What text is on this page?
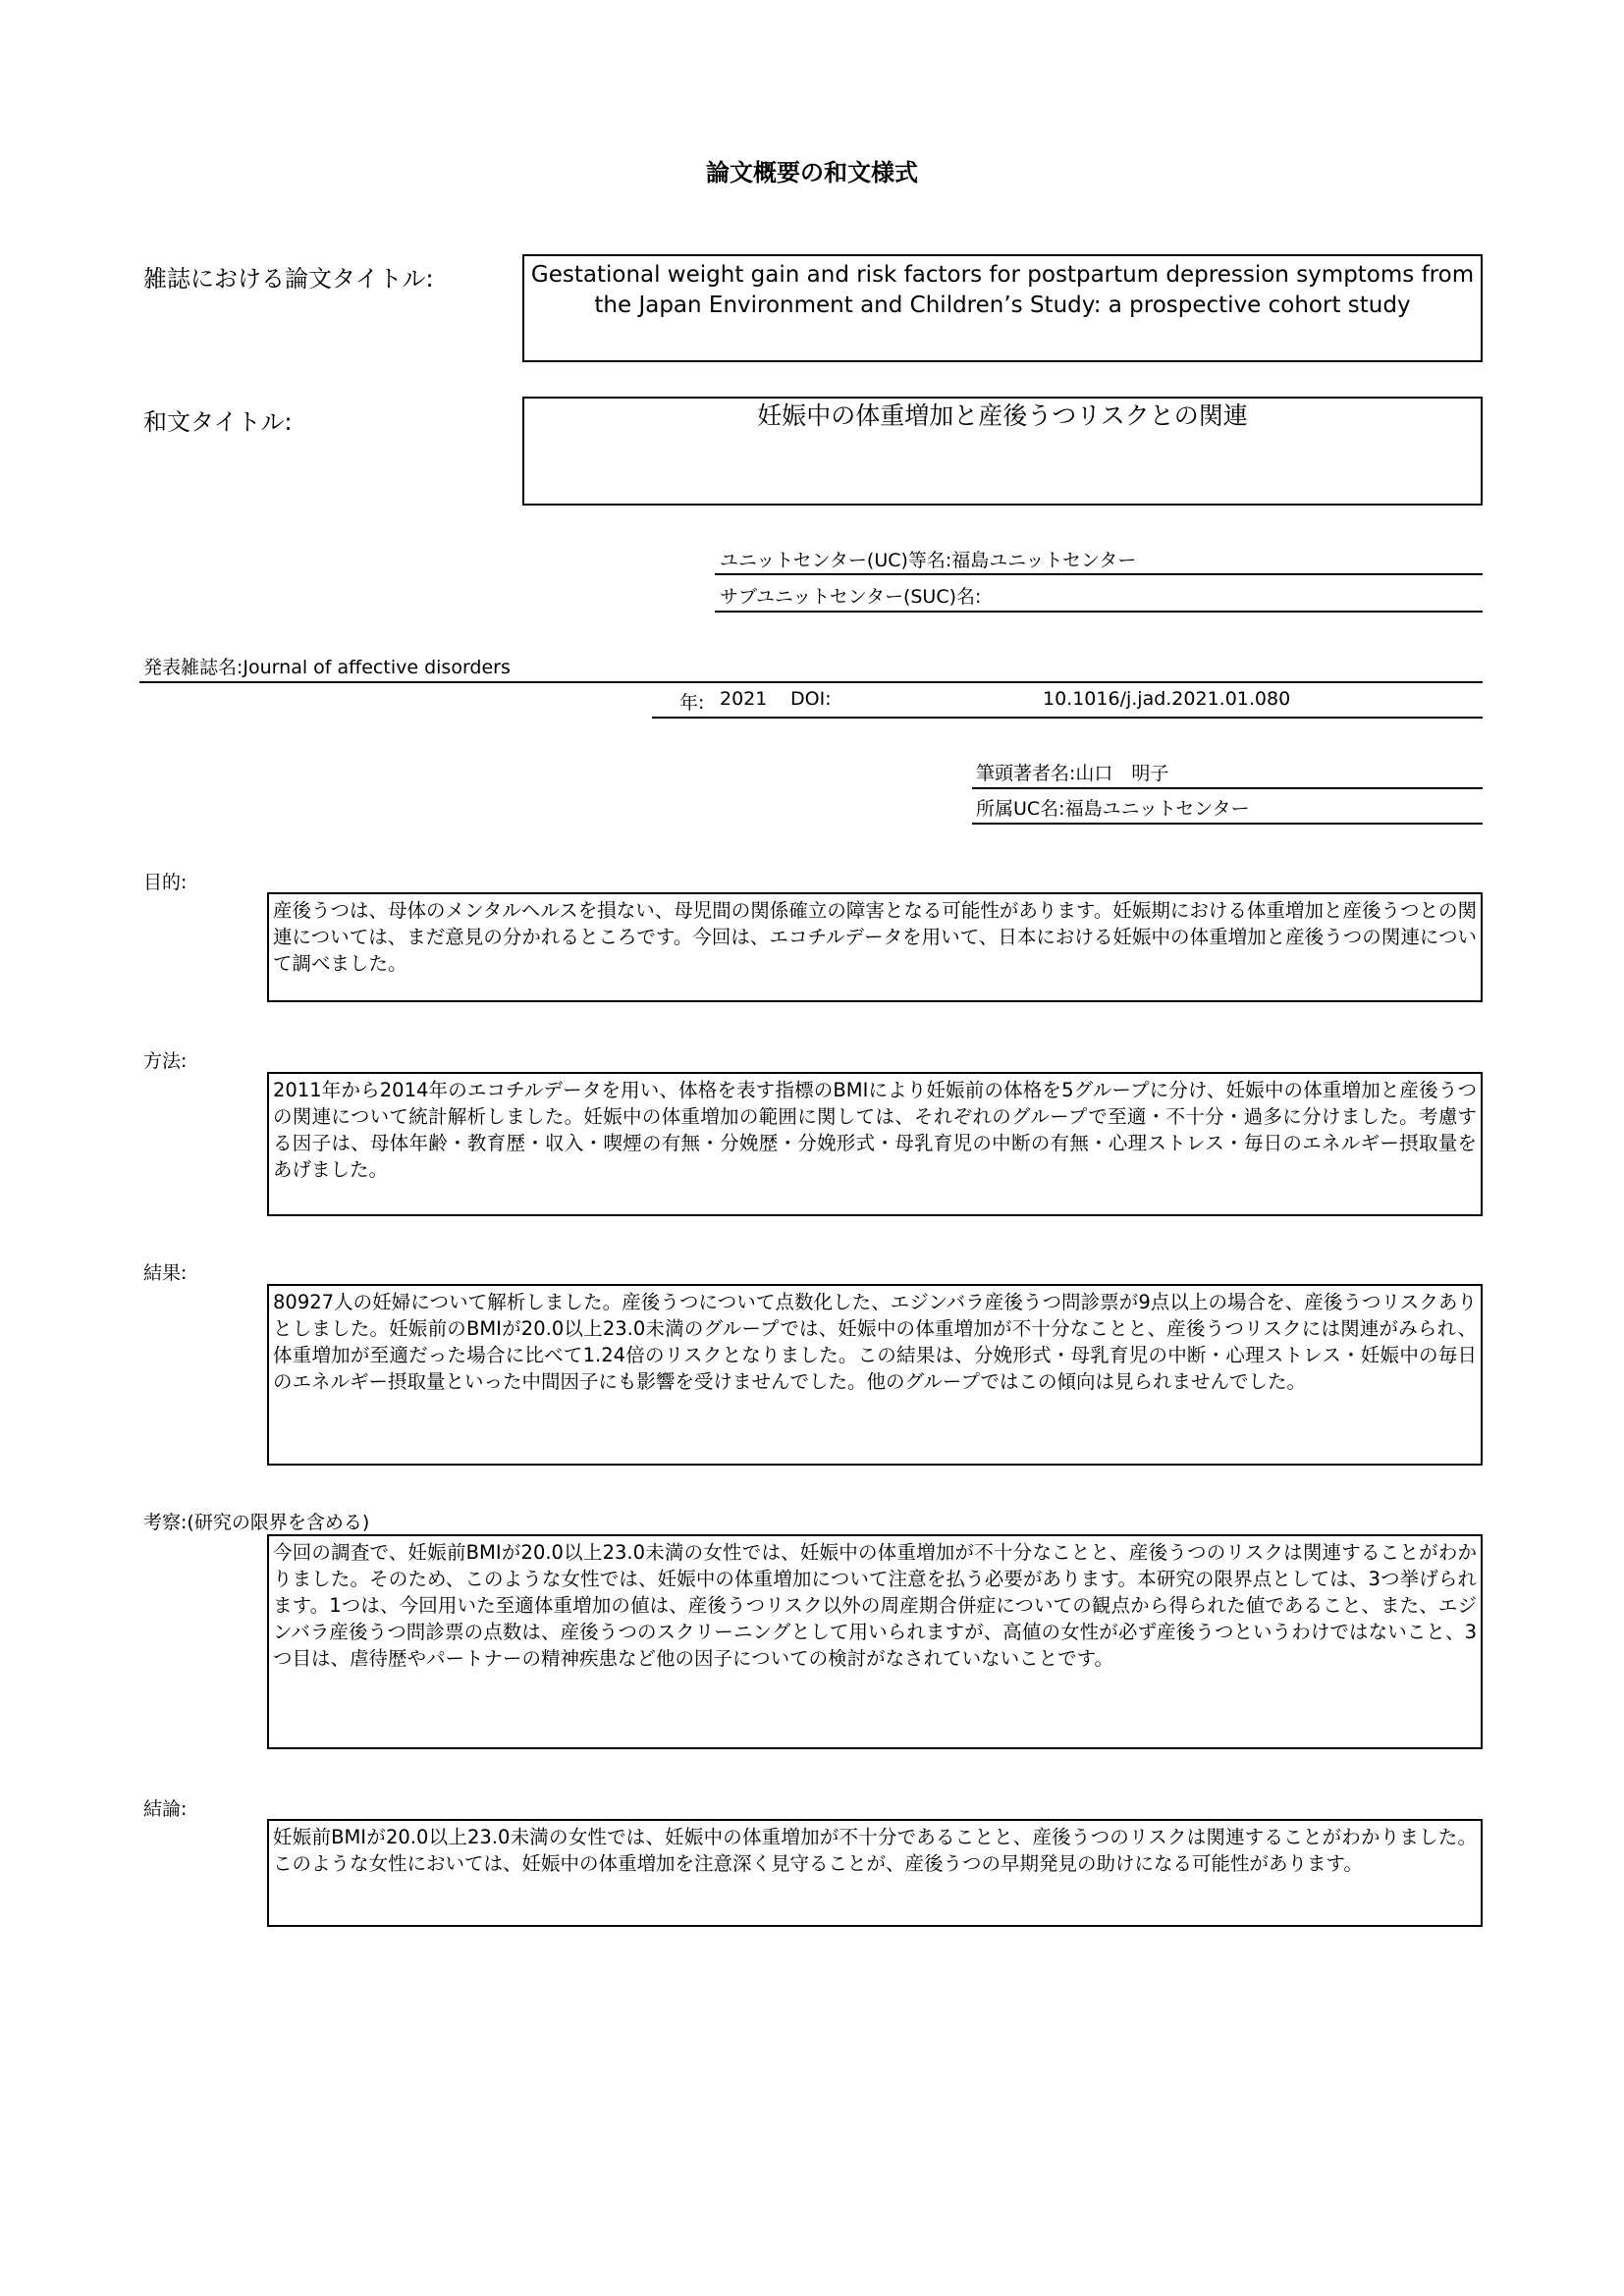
論文概要の和文様式
雑誌における論文タイトル:	Gestational weight gain and risk factors for postpartum depression symptoms from the Japan Environment and Children’s Study: a prospective cohort study
和文タイトル:	妊娠中の体重増加と産後うつリスクとの関連
ユニットセンター(UC)等名:福島ユニットセンター
サブユニットセンター(SUC)名:
発表雑誌名:Journal of affective disorders
年: 2021 DOI:	10.1016/j.jad.2021.01.080
筆頭著者名:山口　明子
所属UC名:福島ユニットセンター
目的:
産後うつは、母体のメンタルヘルスを損ない、母児間の関係確立の障害となる可能性があります。妊娠期における体重増加と産後うつとの関連については、まだ意見の分かれるところです。今回は、エコチルデータを用いて、日本における妊娠中の体重増加と産後うつの関連について調べました。
方法:
2011年から2014年のエコチルデータを用い、体格を表す指標のBMIにより妊娠前の体格を5グループに分け、妊娠中の体重増加と産後うつの関連について統計解析しました。妊娠中の体重増加の範囲に関しては、それぞれのグループで至適・不十分・過多に分けました。考慮する因子は、母体年齢・教育歴・収入・喫煙の有無・分娩歴・分娩形式・母乳育児の中断の有無・心理ストレス・毎日のエネルギー摂取量をあげました。
結果:
80927人の妊婦について解析しました。産後うつについて点数化した、エジンバラ産後うつ問診票が9点以上の場合を、産後うつリスクありとしました。妊娠前のBMIが20.0以上23.0未満のグループでは、妊娠中の体重増加が不十分なことと、産後うつリスクには関連がみられ、体重増加が至適だった場合に比べて1.24倍のリスクとなりました。この結果は、分娩形式・母乳育児の中断・心理ストレス・妊娠中の毎日のエネルギー摂取量といった中間因子にも影響を受けませんでした。他のグループではこの傾向は見られませんでした。
考察:(研究の限界を含める)
今回の調査で、妊娠前BMIが20.0以上23.0未満の女性では、妊娠中の体重増加が不十分なことと、産後うつのリスクは関連することがわかりました。そのため、このような女性では、妊娠中の体重増加について注意を払う必要があります。本研究の限界点としては、3つ挙げられます。1つは、今回用いた至適体重増加の値は、産後うつリスク以外の周産期合併症についての観点から得られた値であること、また、エジンバラ産後うつ問診票の点数は、産後うつのスクリーニングとして用いられますが、高値の女性が必ず産後うつというわけではないこと、3つ目は、虐待歴やパートナーの精神疾患など他の因子についての検討がなされていないことです。
結論:
妊娠前BMIが20.0以上23.0未満の女性では、妊娠中の体重増加が不十分であることと、産後うつのリスクは関連することがわかりました。このような女性においては、妊娠中の体重増加を注意深く見守ることが、産後うつの早期発見の助けになる可能性があります。
